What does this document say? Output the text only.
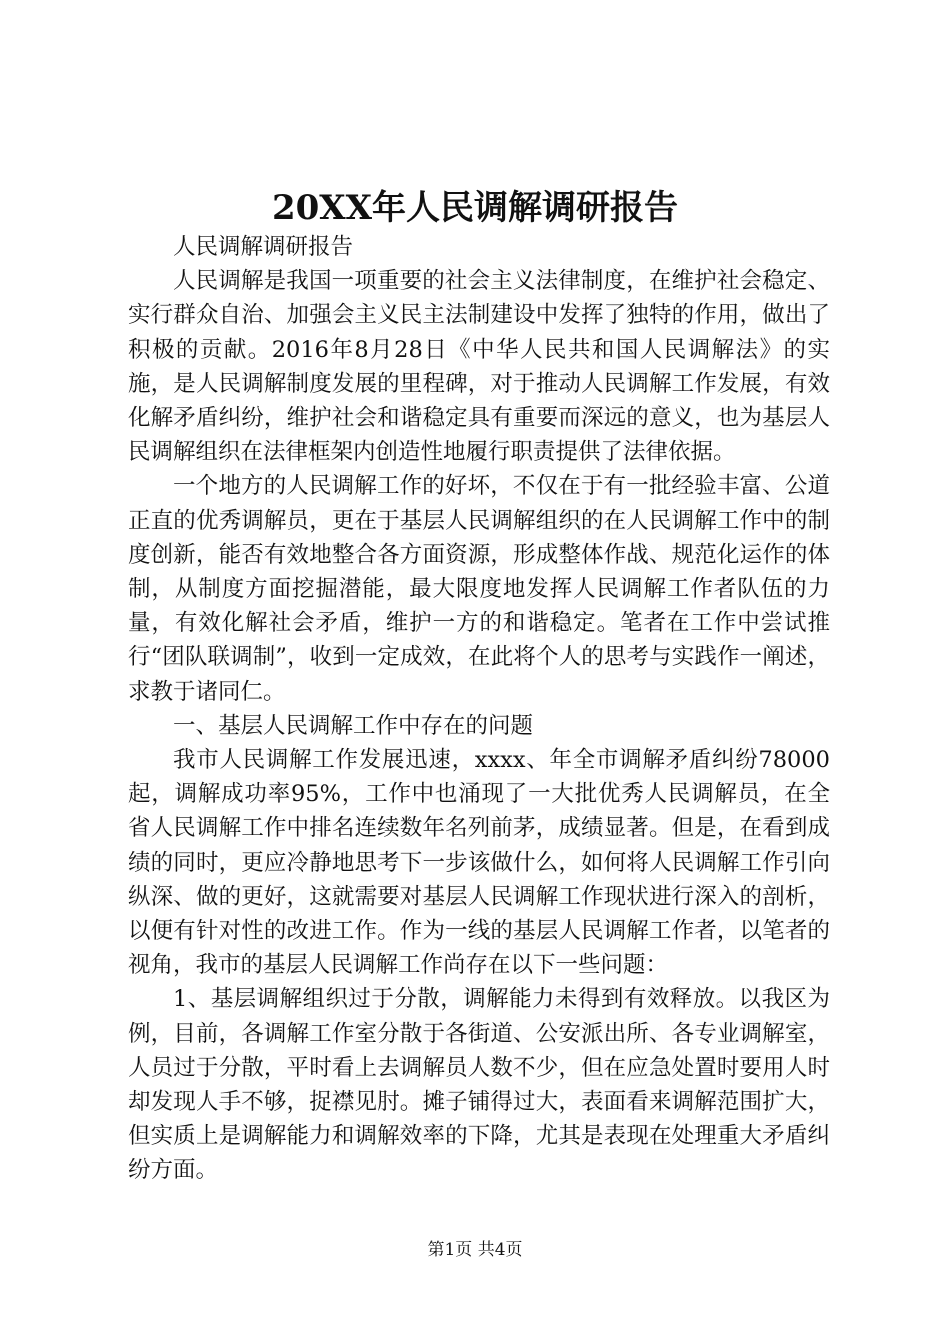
20XX年人民调解调研报告

人民调解调研报告

人民调解是我国一项重要的社会主义法律制度，在维护社会稳定、实行群众自治、加强会主义民主法制建设中发挥了独特的作用，做出了积极的贡献。2016年8月28日《中华人民共和国人民调解法》的实施，是人民调解制度发展的里程碑，对于推动人民调解工作发展，有效化解矛盾纠纷，维护社会和谐稳定具有重要而深远的意义，也为基层人民调解组织在法律框架内创造性地履行职责提供了法律依据。

一个地方的人民调解工作的好坏，不仅在于有一批经验丰富、公道正直的优秀调解员，更在于基层人民调解组织的在人民调解工作中的制度创新，能否有效地整合各方面资源，形成整体作战、规范化运作的体制，从制度方面挖掘潜能，最大限度地发挥人民调解工作者队伍的力量，有效化解社会矛盾，维护一方的和谐稳定。笔者在工作中尝试推行“团队联调制”，收到一定成效，在此将个人的思考与实践作一阐述，求教于诸同仁。

一、基层人民调解工作中存在的问题

我市人民调解工作发展迅速，xxxx、年全市调解矛盾纠纷78000起，调解成功率95%，工作中也涌现了一大批优秀人民调解员，在全省人民调解工作中排名连续数年名列前茅，成绩显著。但是，在看到成绩的同时，更应冷静地思考下一步该做什么，如何将人民调解工作引向纵深、做的更好，这就需要对基层人民调解工作现状进行深入的剖析，以便有针对性的改进工作。作为一线的基层人民调解工作者，以笔者的视角，我市的基层人民调解工作尚存在以下一些问题：

1、基层调解组织过于分散，调解能力未得到有效释放。以我区为例，目前，各调解工作室分散于各街道、公安派出所、各专业调解室，人员过于分散，平时看上去调解员人数不少，但在应急处置时要用人时却发现人手不够，捉襟见肘。摊子铺得过大，表面看来调解范围扩大，但实质上是调解能力和调解效率的下降，尤其是表现在处理重大矛盾纠纷方面。

第1页 共4页
